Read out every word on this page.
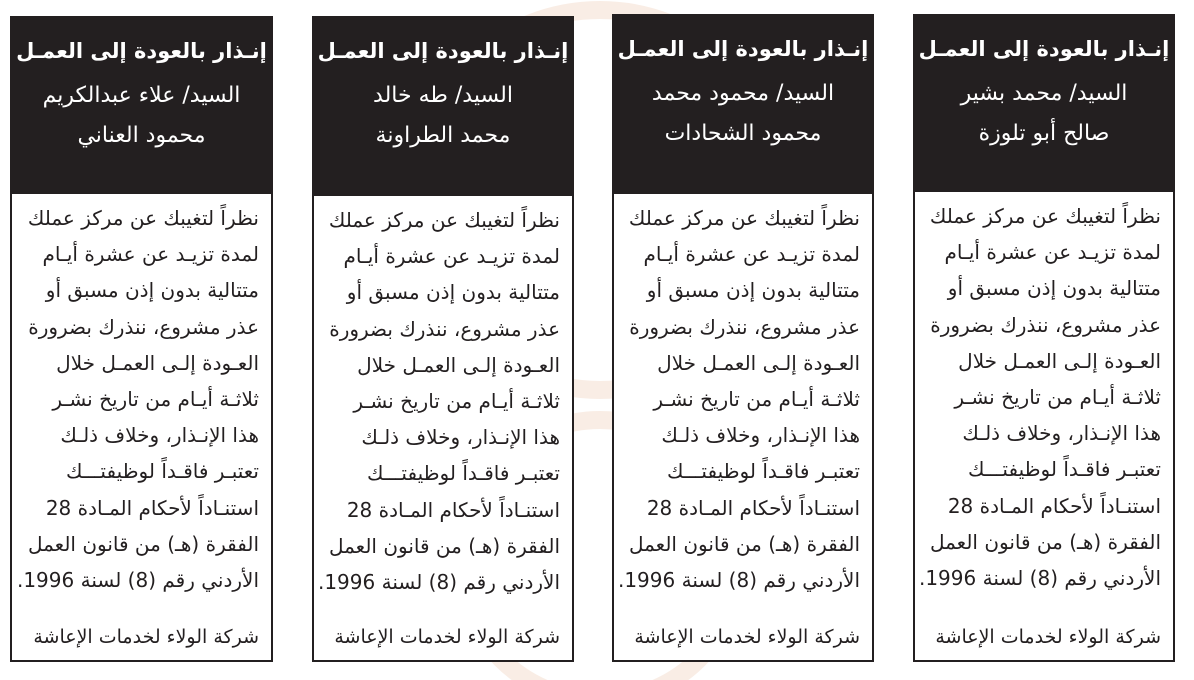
إنـذار بالعودة إلى العمـل
السيد/ محمد بشير
صالح أبو تلوزة
نظراً لتغيبك عن مركز عملك
لمدة تزيـد عن عشرة أيـام
متتالية بدون إذن مسبق أو
عذر مشروع، ننذرك بضرورة
العـودة إلـى العمـل خلال
ثلاثـة أيـام من تاريخ نشـر
هذا الإنـذار، وخلاف ذلـك
تعتبـر فاقـداً لوظيفتـــك
استنـاداً لأحكام المـادة 28
الفقرة (هـ) من قانون العمل
الأردني رقم (8) لسنة 1996.
شركة الولاء لخدمات الإعاشة
إنـذار بالعودة إلى العمـل
السيد/ محمود محمد
محمود الشحادات
نظراً لتغيبك عن مركز عملك
لمدة تزيـد عن عشرة أيـام
متتالية بدون إذن مسبق أو
عذر مشروع، ننذرك بضرورة
العـودة إلـى العمـل خلال
ثلاثـة أيـام من تاريخ نشـر
هذا الإنـذار، وخلاف ذلـك
تعتبـر فاقـداً لوظيفتـــك
استنـاداً لأحكام المـادة 28
الفقرة (هـ) من قانون العمل
الأردني رقم (8) لسنة 1996.
شركة الولاء لخدمات الإعاشة
إنـذار بالعودة إلى العمـل
السيد/ طه خالد
محمد الطراونة
نظراً لتغيبك عن مركز عملك
لمدة تزيـد عن عشرة أيـام
متتالية بدون إذن مسبق أو
عذر مشروع، ننذرك بضرورة
العـودة إلـى العمـل خلال
ثلاثـة أيـام من تاريخ نشـر
هذا الإنـذار، وخلاف ذلـك
تعتبـر فاقـداً لوظيفتـــك
استنـاداً لأحكام المـادة 28
الفقرة (هـ) من قانون العمل
الأردني رقم (8) لسنة 1996.
شركة الولاء لخدمات الإعاشة
إنـذار بالعودة إلى العمـل
السيد/ علاء عبدالكريم
محمود العناني
نظراً لتغيبك عن مركز عملك
لمدة تزيـد عن عشرة أيـام
متتالية بدون إذن مسبق أو
عذر مشروع، ننذرك بضرورة
العـودة إلـى العمـل خلال
ثلاثـة أيـام من تاريخ نشـر
هذا الإنـذار، وخلاف ذلـك
تعتبـر فاقـداً لوظيفتـــك
استنـاداً لأحكام المـادة 28
الفقرة (هـ) من قانون العمل
الأردني رقم (8) لسنة 1996.
شركة الولاء لخدمات الإعاشة
